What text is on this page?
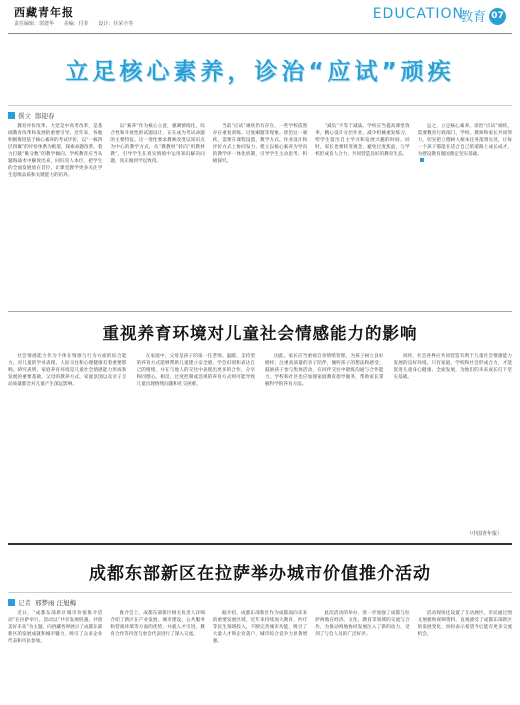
西藏青年报
责任编辑：郭建华 美编：付菲 设计：任荣全等
EDUCATION
教育 07
立足核心素养，诊治“应试”顽疾
撰文 郎迎春

教育评价改革，大党是中高考改革，是基础教育改革和发展的重要引导。近年来，各地积极推进基于核心素养的考试评价，以“一核四层四翼”的评价体系为框架，探索命题改革，着力打破“唯分数”的教学倾向。学校教育应当从题海战术中解放出来，回归育人本位，把学生的全面发展放在首位，让课堂教学更多关注学生思维品质和关键能力的培养。

以“素养”作为核心立意，强调情境化、综合性和开放性的试题设计，正在成为考试命题的主要特征。这一变化要求教师改变以知识点为中心的教学方式，从“教教材”转向“用教材教”，引导学生在真实情境中运用知识解决问题，真正做到学以致用。

当前“应试”顽疾仍有存在，一些学校依然存在重复训练、过度刷题等现象。诊治这一顽疾，需要在课程设置、教学方式、作业设计和评价方式上协同发力，建立以核心素养为导向的教学评一体化机制，引导学生主动思考、积极探究。

“减负”不等于减质。学校应当提高课堂效率，精心设计分层作业，减少机械重复练习，给学生留出自主学习和发展兴趣的时间。同时，家长也要转变观念，避免过度焦虑，与学校形成育人合力，共同营造良好的教育生态。

总之，立足核心素养、诊治“应试”顽疾，需要教育行政部门、学校、教师和家长共同努力，切实把立德树人根本任务落到实处，让每一个孩子都能在适合自己的道路上成长成才，为建设教育强国奠定坚实基础。

重视养育环境对儿童社会情感能力的影响

社会情感能力作为个体在情感与行为方面的综合能力，对儿童的学业表现、人际交往和心理健康有着重要影响。研究表明，家庭养育环境是儿童社会情感能力形成和发展的重要基础，父母的教养方式、家庭氛围以及亲子互动质量都会对儿童产生深远影响。

在家庭中，父母是孩子的第一任老师。温暖、支持型的养育方式能够帮助儿童建立安全感，学会识别和表达自己的情绪，并在与他人的交往中表现出更多的合作、分享和同理心。相反，过度控制或忽视的养育方式则可能导致儿童出现情绪问题和社交困难。

因此，家长应当重视自身情绪管理，为孩子树立良好榜样；注重高质量的亲子陪伴，倾听孩子的想法和感受；鼓励孩子参与集体活动，在同伴交往中锻炼沟通与合作能力。学校和社区也应加强家庭教育指导服务，帮助家长掌握科学的养育方法。

同时，社会各界应共同营造有利于儿童社会情感能力发展的良好环境。只有家庭、学校和社会形成合力，才能促进儿童身心健康、全面发展，为他们的未来成长打下坚实基础。

（中国青年报）
成都东部新区在拉萨举办城市价值推介活动
记者 邢梦雨 汪旭梅

近日，“成都东部新区城市价值推介活动”在拉萨举行。活动以“共享发展机遇、共创美好未来”为主题，向西藏各界展示了成都东部新区的发展成就和城市魅力，吸引了众多企业代表和市民参加。

推介会上，成都东部新区相关负责人详细介绍了新区在产业发展、城市建设、公共服务和营商环境等方面的优势，并就人才引进、教育合作等内容与参会代表进行了深入交流。

据介绍，成都东部新区作为成都面向未来的重要发展区域，近年来持续加大教育、医疗等民生领域投入，不断完善城市功能，吸引了大量人才和企业落户，城市综合竞争力显著增强。

此次活动的举办，进一步加强了成都与拉萨两地在经济、文化、教育等领域的交流与合作，为推动两地协同发展注入了新的动力，受到了与会人员的广泛好评。

活动现场还设置了互动展区，市民通过图文展板和视频资料，直观感受了成都东部新区的发展变化，纷纷表示希望今后能有更多交流机会。
